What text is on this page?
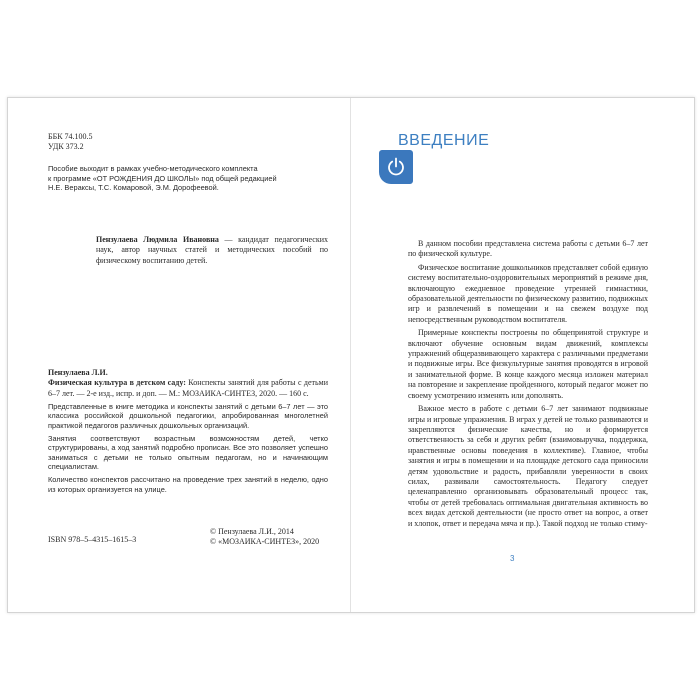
ББК 74.100.5
УДК 373.2
Пособие выходит в рамках учебно-методического комплекта
к программе «ОТ РОЖДЕНИЯ ДО ШКОЛЫ» под общей редакцией
Н.Е. Вераксы, Т.С. Комаровой, Э.М. Дорофеевой.
Пензулаева Людмила Ивановна — кандидат педагогических наук, автор научных статей и методических пособий по физическому воспитанию детей.
Пензулаева Л.И.
Физическая культура в детском саду: Конспекты занятий для работы с детьми 6–7 лет. — 2-е изд., испр. и доп. — М.: МОЗАИКА-СИНТЕЗ, 2020. — 160 с.

Представленные в книге методика и конспекты занятий с детьми 6–7 лет — это классика российской дошкольной педагогики, апробированная многолетней практикой педагогов различных дошкольных организаций.

Занятия соответствуют возрастным возможностям детей, четко структурированы, а ход занятий подробно прописан. Все это позволяет успешно заниматься с детьми не только опытным педагогам, но и начинающим специалистам.

Количество конспектов рассчитано на проведение трех занятий в неделю, одно из которых организуется на улице.

ISBN 978–5–4315–1615–3
© Пензулаева Л.И., 2014
© «МОЗАИКА-СИНТЕЗ», 2020
ВВЕДЕНИЕ

В данном пособии представлена система работы с детьми 6–7 лет по физической культуре.

Физическое воспитание дошкольников представляет собой единую систему воспитательно-оздоровительных мероприятий в режиме дня, включающую ежедневное проведение утренней гимнастики, образовательной деятельности по физическому развитию, подвижных игр и развлечений в помещении и на свежем воздухе под непосредственным руководством воспитателя.

Примерные конспекты построены по общепринятой структуре и включают обучение основным видам движений, комплексы упражнений общеразвивающего характера с различными предметами и подвижные игры. Все физкультурные занятия проводятся в игровой и занимательной форме. В конце каждого месяца изложен материал на повторение и закрепление пройденного, который педагог может по своему усмотрению изменять или дополнять.

Важное место в работе с детьми 6–7 лет занимают подвижные игры и игровые упражнения. В играх у детей не только развиваются и закрепляются физические качества, но и формируется ответственность за себя и других ребят (взаимовыручка, поддержка, нравственные основы поведения в коллективе). Главное, чтобы занятия и игры в помещении и на площадке детского сада приносили детям удовольствие и радость, прибавляли уверенности в своих силах, развивали самостоятельность. Педагогу следует целенаправленно организовывать образовательный процесс так, чтобы от детей требовалась оптимальная двигательная активность во всех видах детской деятельности (не просто ответ на вопрос, а ответ и хлопок, ответ и передача мяча и пр.). Такой подход не только стиму-

3
